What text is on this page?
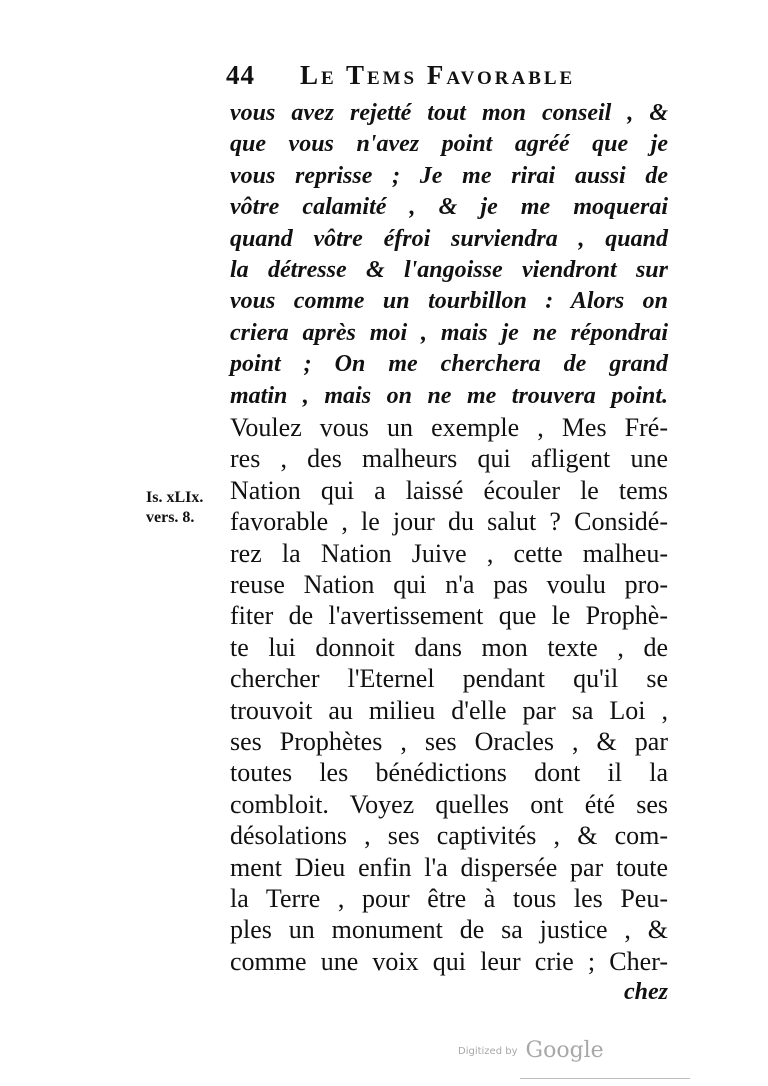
44 Le Tems Favorable
vous avez rejetté tout mon conseil , &
que vous n'avez point agréé que je
vous reprisse ; Je me rirai aussi de
vôtre calamité , & je me moquerai
quand vôtre éfroi surviendra , quand
la détresse & l'angoisse viendront sur
vous comme un tourbillon : Alors on
criera après moi , mais je ne répondrai
point ; On me cherchera de grand
matin , mais on ne me trouvera point.
Voulez vous un exemple , Mes Fré-
res , des malheurs qui afligent une
Nation qui a laissé écouler le tems
favorable , le jour du salut ? Considé-
rez la Nation Juive , cette malheu-
reuse Nation qui n'a pas voulu pro-
fiter de l'avertissement que le Prophè-
te lui donnoit dans mon texte , de
chercher l'Eternel pendant qu'il se
trouvoit au milieu d'elle par sa Loi ,
ses Prophètes , ses Oracles , & par
toutes les bénédictions dont il la
combloit. Voyez quelles ont été ses
désolations , ses captivités , & com-
ment Dieu enfin l'a dispersée par toute
la Terre , pour être à tous les Peu-
ples un monument de sa justice , &
comme une voix qui leur crie ; Cher-
chez
Is. xLIx.
vers. 8.
Digitized by Google
